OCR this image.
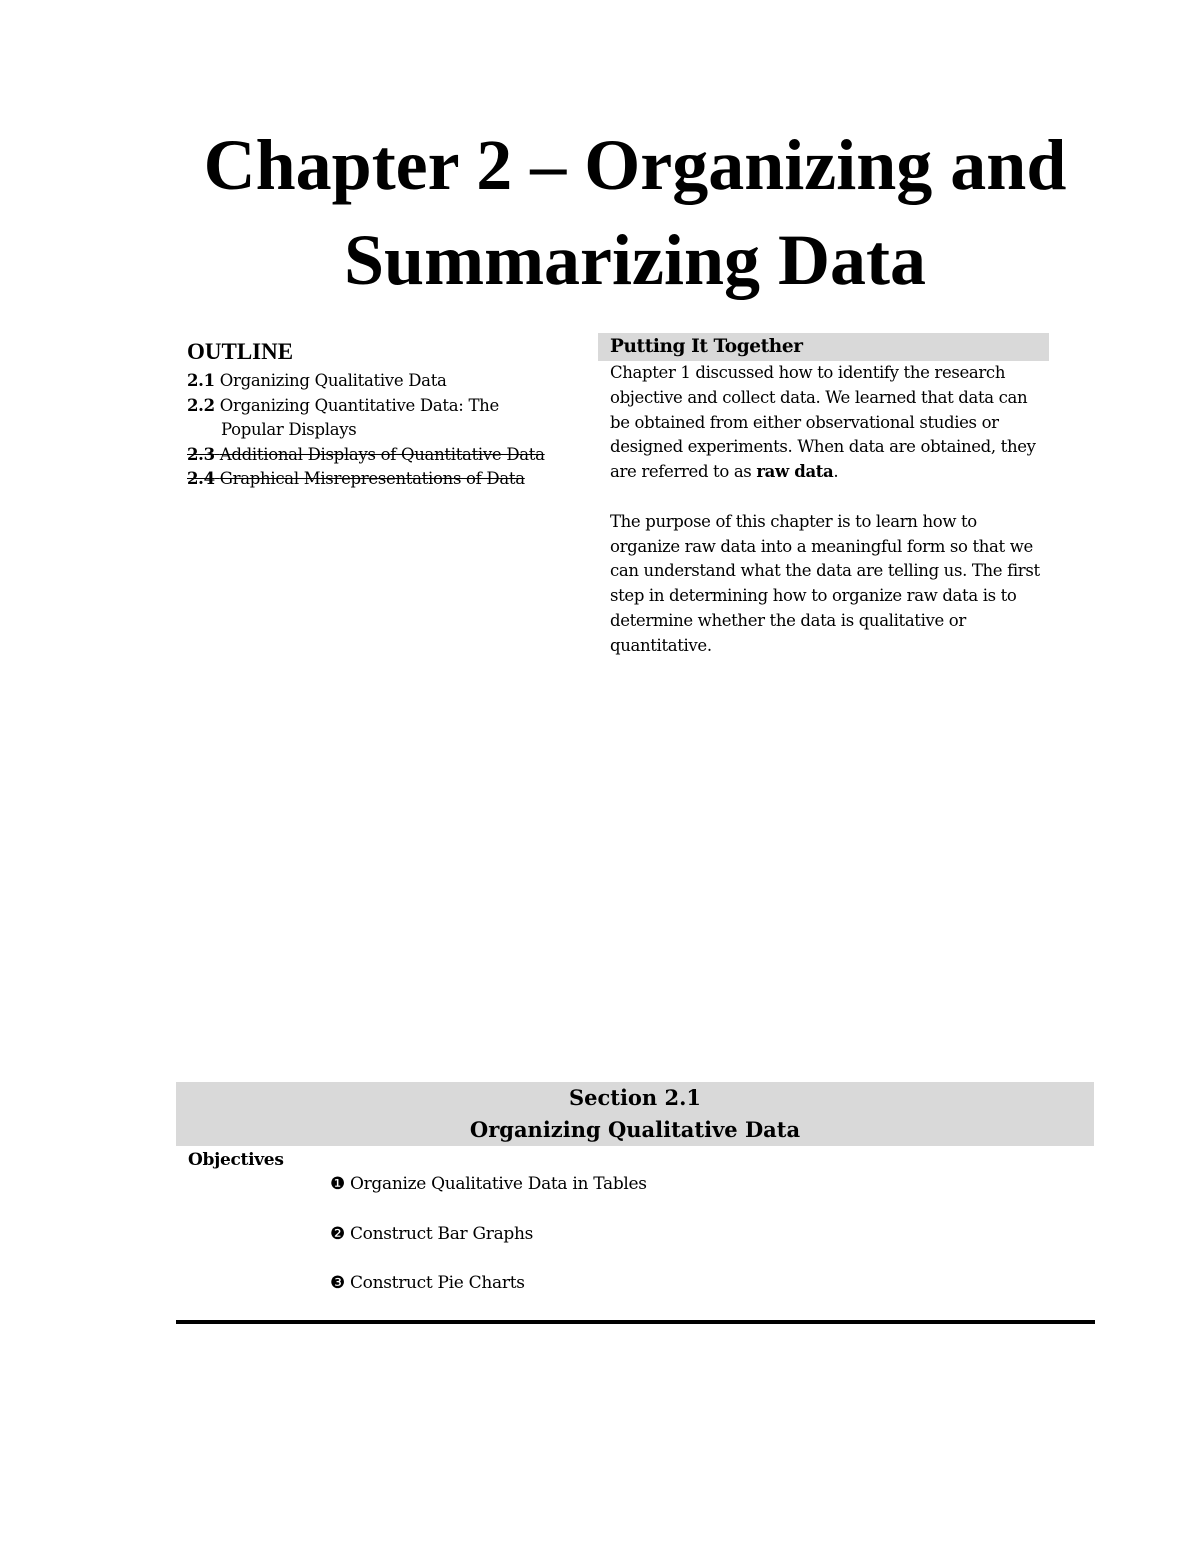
Chapter 2 – Organizing and
Summarizing Data
OUTLINE
2.1 Organizing Qualitative Data
2.2 Organizing Quantitative Data: The Popular Displays
2.3 Additional Displays of Quantitative Data
2.4 Graphical Misrepresentations of Data
Putting It Together

Chapter 1 discussed how to identify the research objective and collect data. We learned that data can be obtained from either observational studies or designed experiments. When data are obtained, they are referred to as raw data.

The purpose of this chapter is to learn how to organize raw data into a meaningful form so that we can understand what the data are telling us. The first step in determining how to organize raw data is to determine whether the data is qualitative or quantitative.

Section 2.1
Organizing Qualitative Data
Objectives
❶ Organize Qualitative Data in Tables
❷ Construct Bar Graphs
❸ Construct Pie Charts
